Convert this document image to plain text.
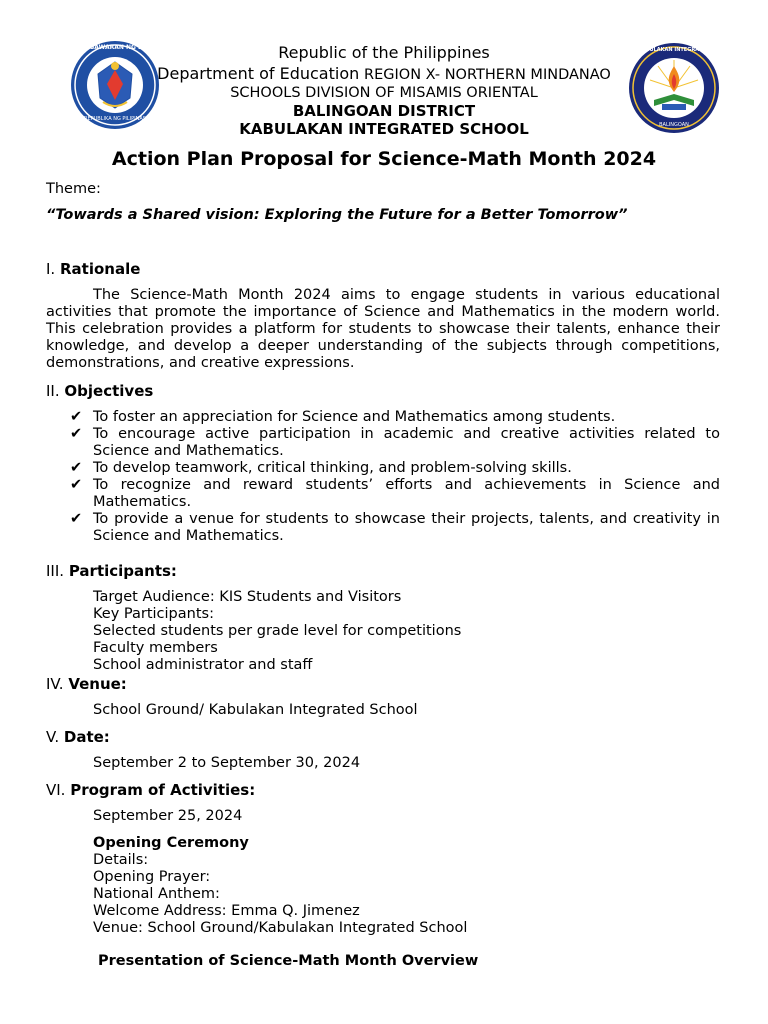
KAGAWARAN NG EDUKASYON
REPUBLIKA NG PILIPINAS
KABULAKAN INTEGRATED SCHOOL
BALINGOAN
Republic of the Philippines
Department of Education REGION X- NORTHERN MINDANAO
SCHOOLS DIVISION OF MISAMIS ORIENTAL
BALINGOAN DISTRICT
KABULAKAN INTEGRATED SCHOOL
Action Plan Proposal for Science-Math Month 2024
Theme:
“Towards a Shared vision: Exploring the Future for a Better Tomorrow”
I. Rationale
The Science-Math Month 2024 aims to engage students in various educational activities that promote the importance of Science and Mathematics in the modern world. This celebration provides a platform for students to showcase their talents, enhance their knowledge, and develop a deeper understanding of the subjects through competitions, demonstrations, and creative expressions.
II. Objectives
✔ To foster an appreciation for Science and Mathematics among students.
✔ To encourage active participation in academic and creative activities related to Science and Mathematics.
✔ To develop teamwork, critical thinking, and problem-solving skills.
✔ To recognize and reward students’ efforts and achievements in Science and Mathematics.
✔ To provide a venue for students to showcase their projects, talents, and creativity in Science and Mathematics.
III. Participants:
Target Audience: KIS Students and Visitors
Key Participants:
Selected students per grade level for competitions
Faculty members
School administrator and staff
IV. Venue:
School Ground/ Kabulakan Integrated School
V. Date:
September 2 to September 30, 2024
VI. Program of Activities:
September 25, 2024
Opening Ceremony
Details:
Opening Prayer:
National Anthem:
Welcome Address: Emma Q. Jimenez
Venue: School Ground/Kabulakan Integrated School
Presentation of Science-Math Month Overview
